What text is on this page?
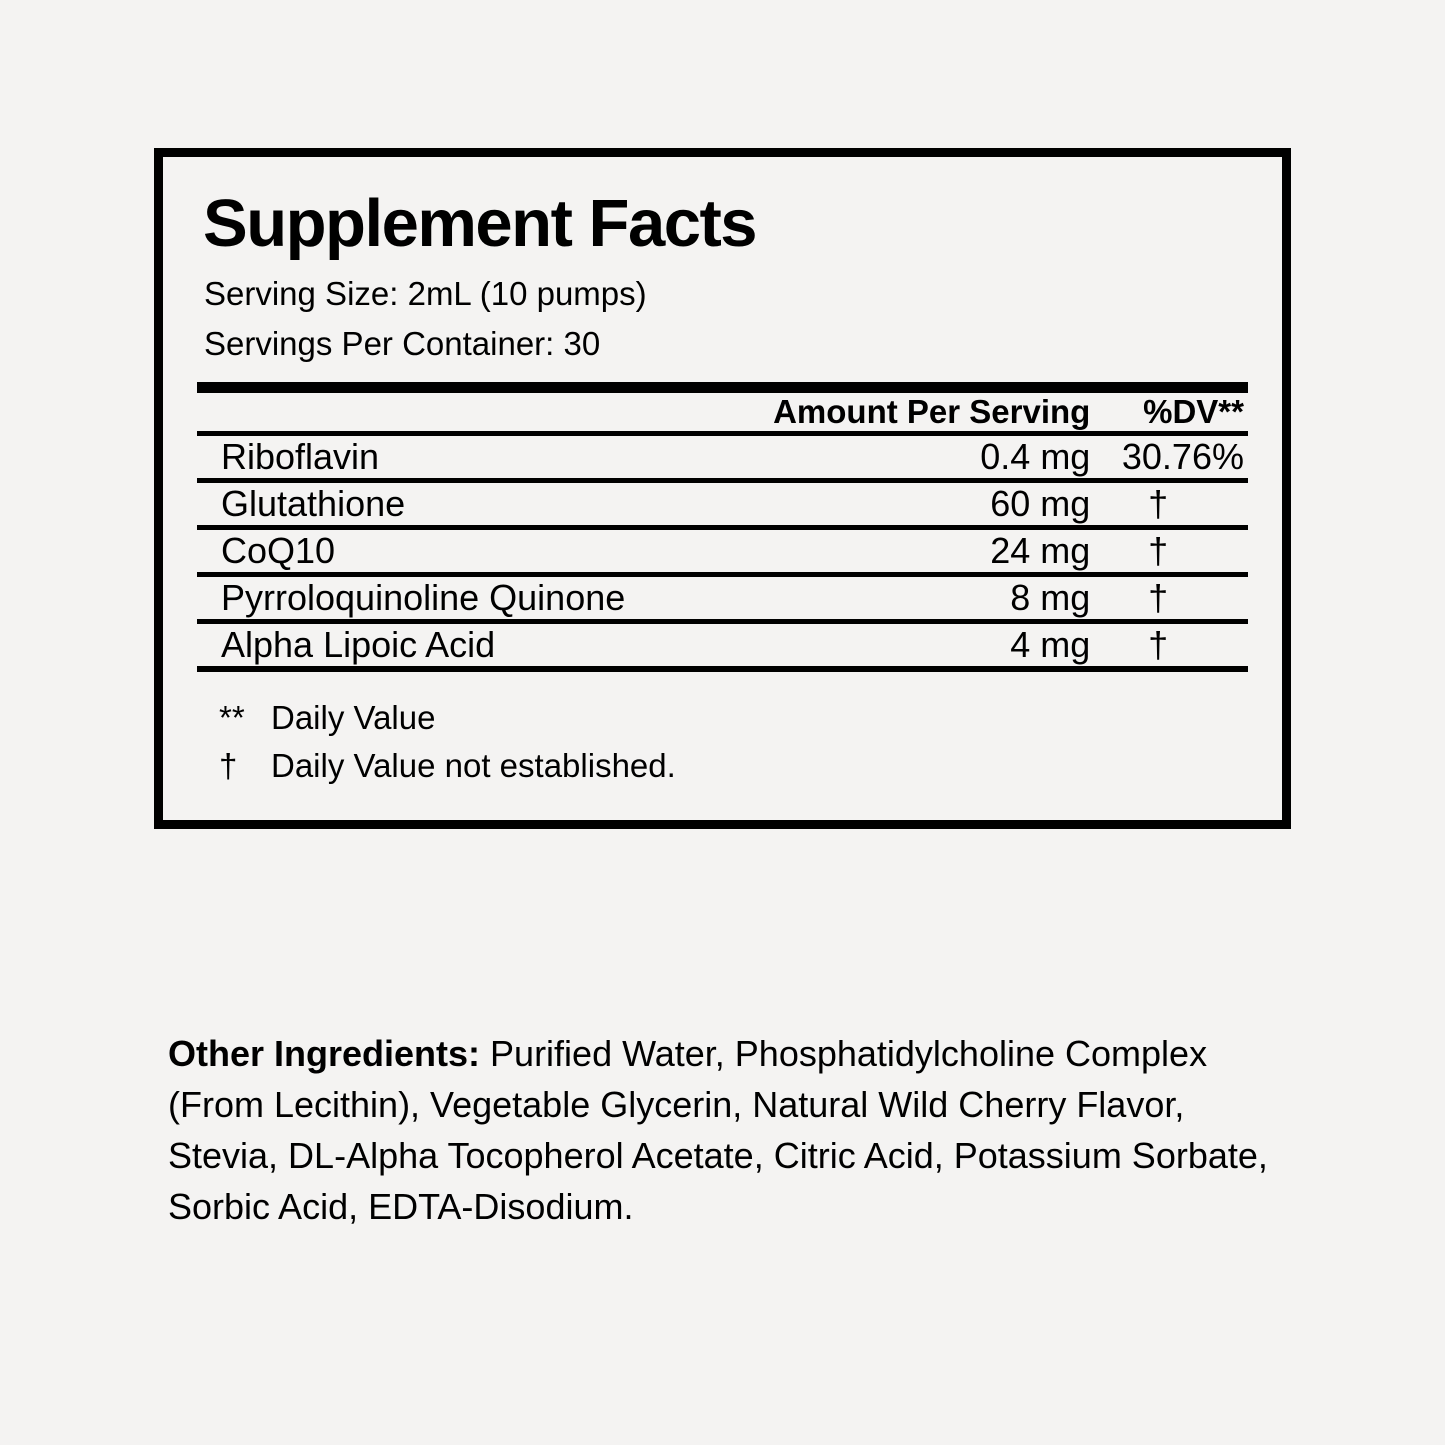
Supplement Facts
Serving Size: 2mL (10 pumps)
Servings Per Container: 30
	Amount Per Serving	%DV**

Riboflavin	0.4 mg	30.76%

Glutathione	60 mg	†

CoQ10	24 mg	†

Pyrroloquinoline Quinone	8 mg	†

Alpha Lipoic Acid	4 mg	†

** Daily Value
†	Daily Value not established.
Other Ingredients: Purified Water, Phosphatidylcholine Complex (From Lecithin), Vegetable Glycerin, Natural Wild Cherry Flavor, Stevia, DL-Alpha Tocopherol Acetate, Citric Acid, Potassium Sorbate, Sorbic Acid, EDTA-Disodium.
